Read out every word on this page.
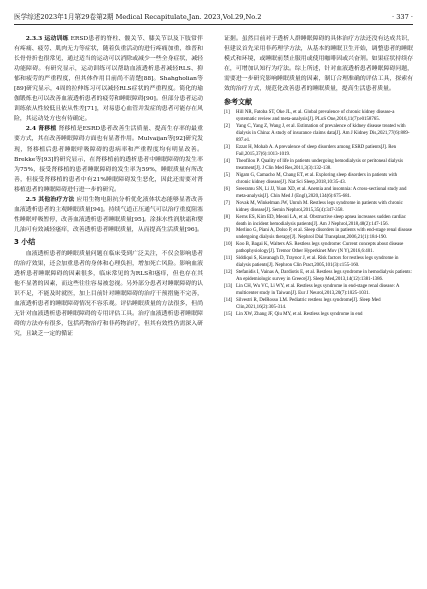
医学综述2023年1月第29卷第2期 Medical Recapitulate,Jan. 2023,Vol.29,No.2	· 337 ·

2.3.3 运动训练 ERSD患者的脊柱、髋关节、膝关节以及下肢常伴有疼痛、疲劳、肌肉无力等症状，随着负重活动的进行疼痛加重，维普和长骨骨折也很常见，通过适当的运动可以消除或减少一些全身症状，减轻功能障碍。有研究显示，运动训练可以帮助血液透析患者减轻RLS、抑郁和疲劳的严重程度，但其体作用目前尚不清楚[88]。Shahgholian等[89]研究显示，4周的拉伸练习可以减轻RLS症状的严重程度。简化的瑜伽锻炼也可以改善血液透析患者的疲劳和睡眠障碍[90]。但部分患者运动训练依从性较低且依从性差[71]，对易患心血管并发症的患者可能存在风险，其运动处方也有待确定。

2.4 肾移植 肾移植是ESRD患者改善生活质量、提高生存率的最重要方式，其在改善睡眠障碍方面也有显著作用。Mulvaijan等[92]研究发现，肾移植后患者睡眠呼吸障碍的患病率和严重程度均有明显改善。Brekke等[93]的研究显示，在肾移植前的透析患者中睡眠障碍的发生率为75%，接受肾移植的患者睡眠障碍的发生率为59%，睡眠质量有所改善，但接受肾移植的患者中有21%睡眠障碍发生恶化，因此还需要对肾移植患者的睡眠障碍进行进一步的研究。

2.5 其他治疗方法 应用生物电阻抗分析优化液体状态能够显著改善血液透析患者的主观睡眠质量[94]。持续气道正压通气可以治疗重度阻塞性睡眠呼吸暂停，改善血液透析患者睡眠质量[95]。涂抹水性润肤霜和婴儿油可有效减轻瘙痒，改善透析患者睡眠质量，从而提高生活质量[96]。

3 小结

血液透析患者的睡眠质量问题在临床受到广泛关注，不仅会影响患者的治疗效果，还会加重患者的身体和心理负担，增加死亡风险。影响血液透析患者睡眠障碍的因素很多，临床常见的为RLS和瘙痒，但也存在其他不显著的因素，而这些往往容易被忽视。另外部分患者对睡眠障碍的认识不足，不能及时就医，加上目前针对睡眠障碍的治疗干预措施不完善，血液透析患者的睡眠障碍情况不容乐观。评估睡眠质量的方法很多，但尚无针对血液透析患者睡眠障碍的专用评估工具。治疗血液透析患者睡眠障碍的方法亦有很多，包括药物治疗和非药物治疗，但其有效性仍需深入研究，且缺乏一定的循证

证据。虽然目前对于透析人群睡眠障碍的具体治疗方法还没有达成共识，但建议首先采用非药理学方法，从基本的睡眠卫生开始，调整患者的睡眠模式和环境，或睡眠前禁止服用或使用咖啡因或兴奋剂。如果症状持续存在，可增加认知行为疗法。综上所述，针对血液透析患者睡眠障碍问题，需要进一步研究影响睡眠质量的因素，制订合理准确的评估工具，探索有效的治疗方式，规范化改善患者的睡眠质量，提高生活患者质量。

参考文献
[1]	Hill NR, Fatoba ST, Oke JL, et al. Global prevalence of chronic kidney disease-a systematic review and meta-analysis[J]. PLoS One,2016,11(7):e0158765.
[2]	Yang C, Yang Z, Wang J, et al. Estimation of prevalence of kidney disease treated with dialysis in China: A study of insurance claims data[J]. Am J Kidney Dis,2021,77(6):889-897.e1.
[3]	Ezzat H, Mohab A. A prevalence of sleep disorders among ESRD patients[J]. Ren Fail,2015,37(6):1013-1019.
[4]	Theofilou P. Quality of life in patients undergoing hemodialysis or peritoneal dialysis treatment[J]. J Clin Med Res,2011,3(3):132-138.
[5]	Nigam G, Camacho M, Chang ET, et al. Exploring sleep disorders in patients with chronic kidney disease[J]. Nat Sci Sleep,2018,10:35-43.
[6]	Sreeramu SN, Li JJ, Yuan XD, et al. Anemia and insomnia: A cross-sectional study and meta-analysis[J]. Chin Med J (Engl),2020,134(6):675-681.
[7]	Novak M, Winkelman JW, Unruh M. Restless legs syndrome in patients with chronic kidney disease[J]. Semin Nephrol,2015,35(4):347-358.
[8]	Kerns ES, Kim ED, Meoni LA, et al. Obstructive sleep apnea increases sudden cardiac death in incident hemodialysis patients[J]. Am J Nephrol,2018,48(2):147-156.
[9]	Merlino G, Piani A, Dolso P, et al. Sleep disorders in patients with end-stage renal disease undergoing dialysis therapy[J]. Nephrol Dial Transplant,2006,21(1):184-190.
[10] Koo B, Bagai K, Walters AS. Restless legs syndrome: Current concepts about disease pathophysiology[J]. Tremor Other Hyperkinet Mov (N Y),2016,6:401.
[11] Siddiqui S, Kavanagh D, Traynor J, et al. Risk factors for restless legs syndrome in dialysis patients[J]. Nephron Clin Pract,2005,101(3):c155-160.
[12] Stefanidis I, Vainas A, Dardiotis E, et al. Restless legs syndrome in hemodialysis patients: An epidemiologic survey in Greece[J]. Sleep Med,2013,14(12):1381-1386.
[13] Lin CH, Wu VC, Li WY, et al. Restless legs syndrome in end-stage renal disease: A multicenter study in Taiwan[J]. Eur J Neurol,2013,20(7):1025-1031.
[14] Silvestri R, DelRosso LM. Pediatric restless legs syndrome[J]. Sleep Med Clin,2021,16(2):305-314.
[15] Lin XW, Zhang JF, Qiu MY, et al. Restless legs syndrome in end
